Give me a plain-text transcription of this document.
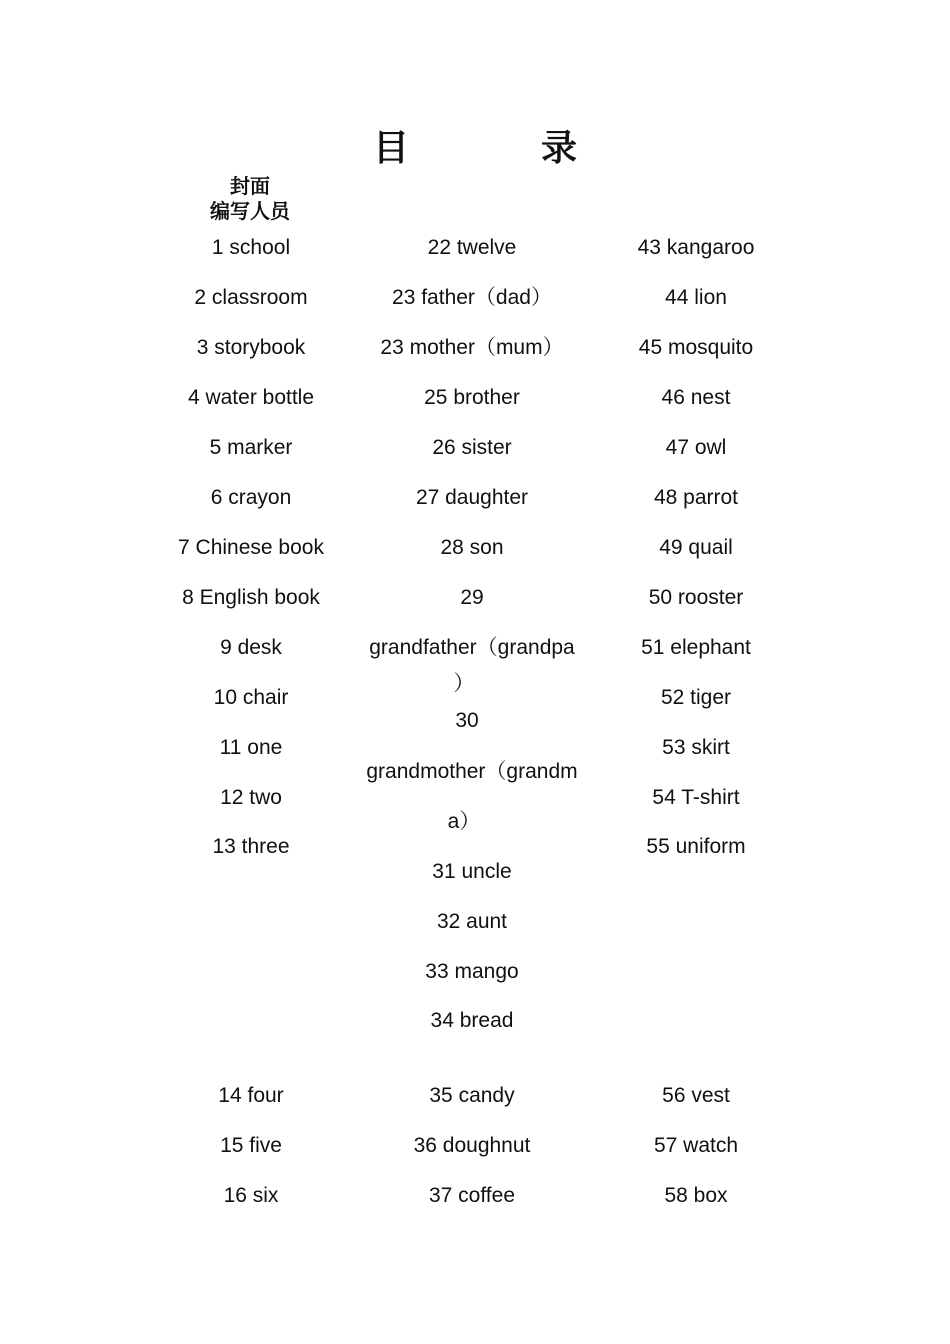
目　录
封面
编写人员
1 school
2 classroom
3 storybook
4 water bottle
5 marker
6 crayon
7 Chinese book
8 English book
9 desk
10 chair
11 one
12 two
13 three
22 twelve
23 father（dad）
23 mother（mum）
25 brother
26 sister
27 daughter
28 son
29
grandfather（grandpa
）
30
grandmother（grandm
a）
31 uncle
32 aunt
33 mango
34 bread
43 kangaroo
44 lion
45 mosquito
46 nest
47 owl
48 parrot
49 quail
50 rooster
51 elephant
52 tiger
53 skirt
54 T-shirt
55 uniform
14 four
15 five
16 six
35 candy
36 doughnut
37 coffee
56 vest
57 watch
58 box
